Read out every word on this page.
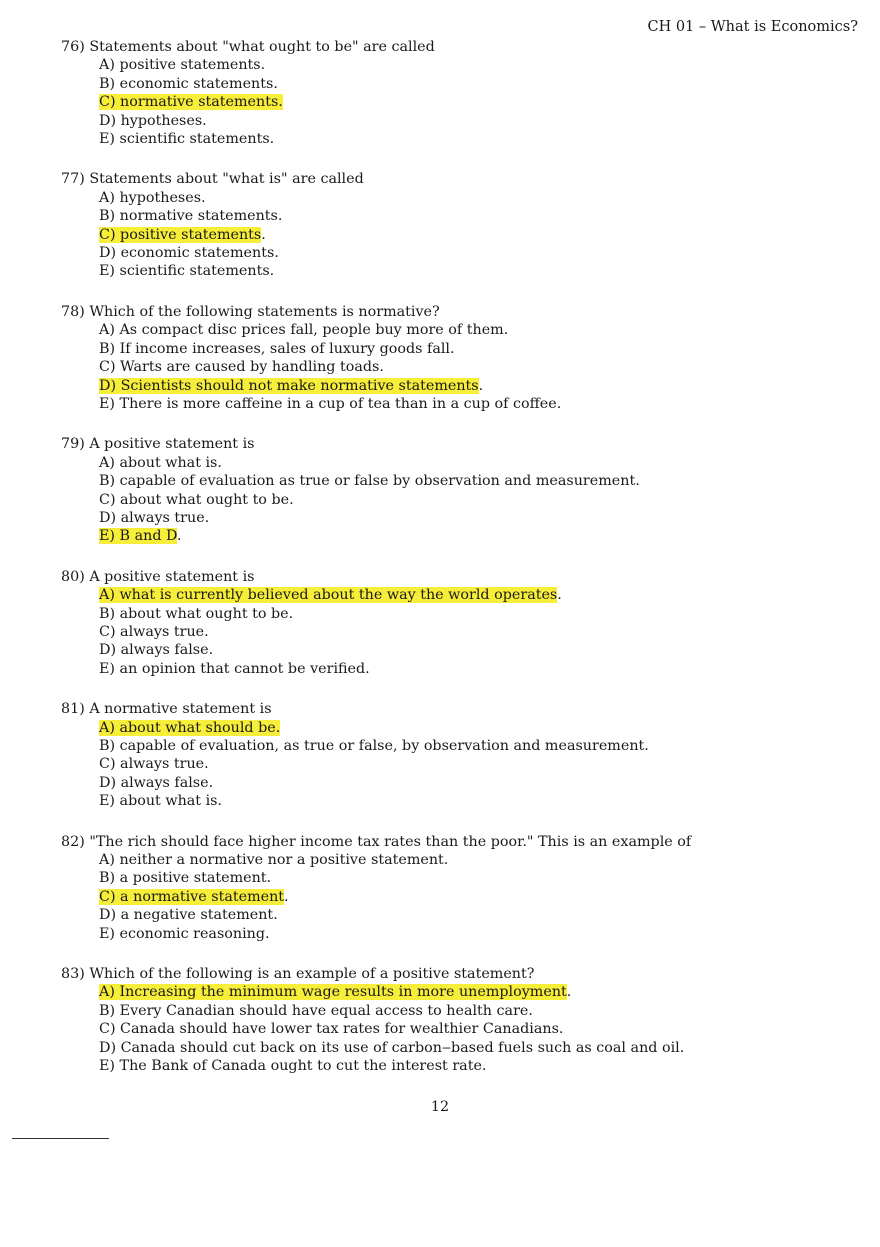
CH 01 – What is Economics?
76) Statements about "what ought to be" are called
A) positive statements.
B) economic statements.
C) normative statements.
D) hypotheses.
E) scientific statements.
77) Statements about "what is" are called
A) hypotheses.
B) normative statements.
C) positive statements.
D) economic statements.
E) scientific statements.
78) Which of the following statements is normative?
A) As compact disc prices fall, people buy more of them.
B) If income increases, sales of luxury goods fall.
C) Warts are caused by handling toads.
D) Scientists should not make normative statements.
E) There is more caffeine in a cup of tea than in a cup of coffee.
79) A positive statement is
A) about what is.
B) capable of evaluation as true or false by observation and measurement.
C) about what ought to be.
D) always true.
E) B and D.
80) A positive statement is
A) what is currently believed about the way the world operates.
B) about what ought to be.
C) always true.
D) always false.
E) an opinion that cannot be verified.
81) A normative statement is
A) about what should be.
B) capable of evaluation, as true or false, by observation and measurement.
C) always true.
D) always false.
E) about what is.
82) "The rich should face higher income tax rates than the poor." This is an example of
A) neither a normative nor a positive statement.
B) a positive statement.
C) a normative statement.
D) a negative statement.
E) economic reasoning.
83) Which of the following is an example of a positive statement?
A) Increasing the minimum wage results in more unemployment.
B) Every Canadian should have equal access to health care.
C) Canada should have lower tax rates for wealthier Canadians.
D) Canada should cut back on its use of carbon‒based fuels such as coal and oil.
E) The Bank of Canada ought to cut the interest rate.
12
